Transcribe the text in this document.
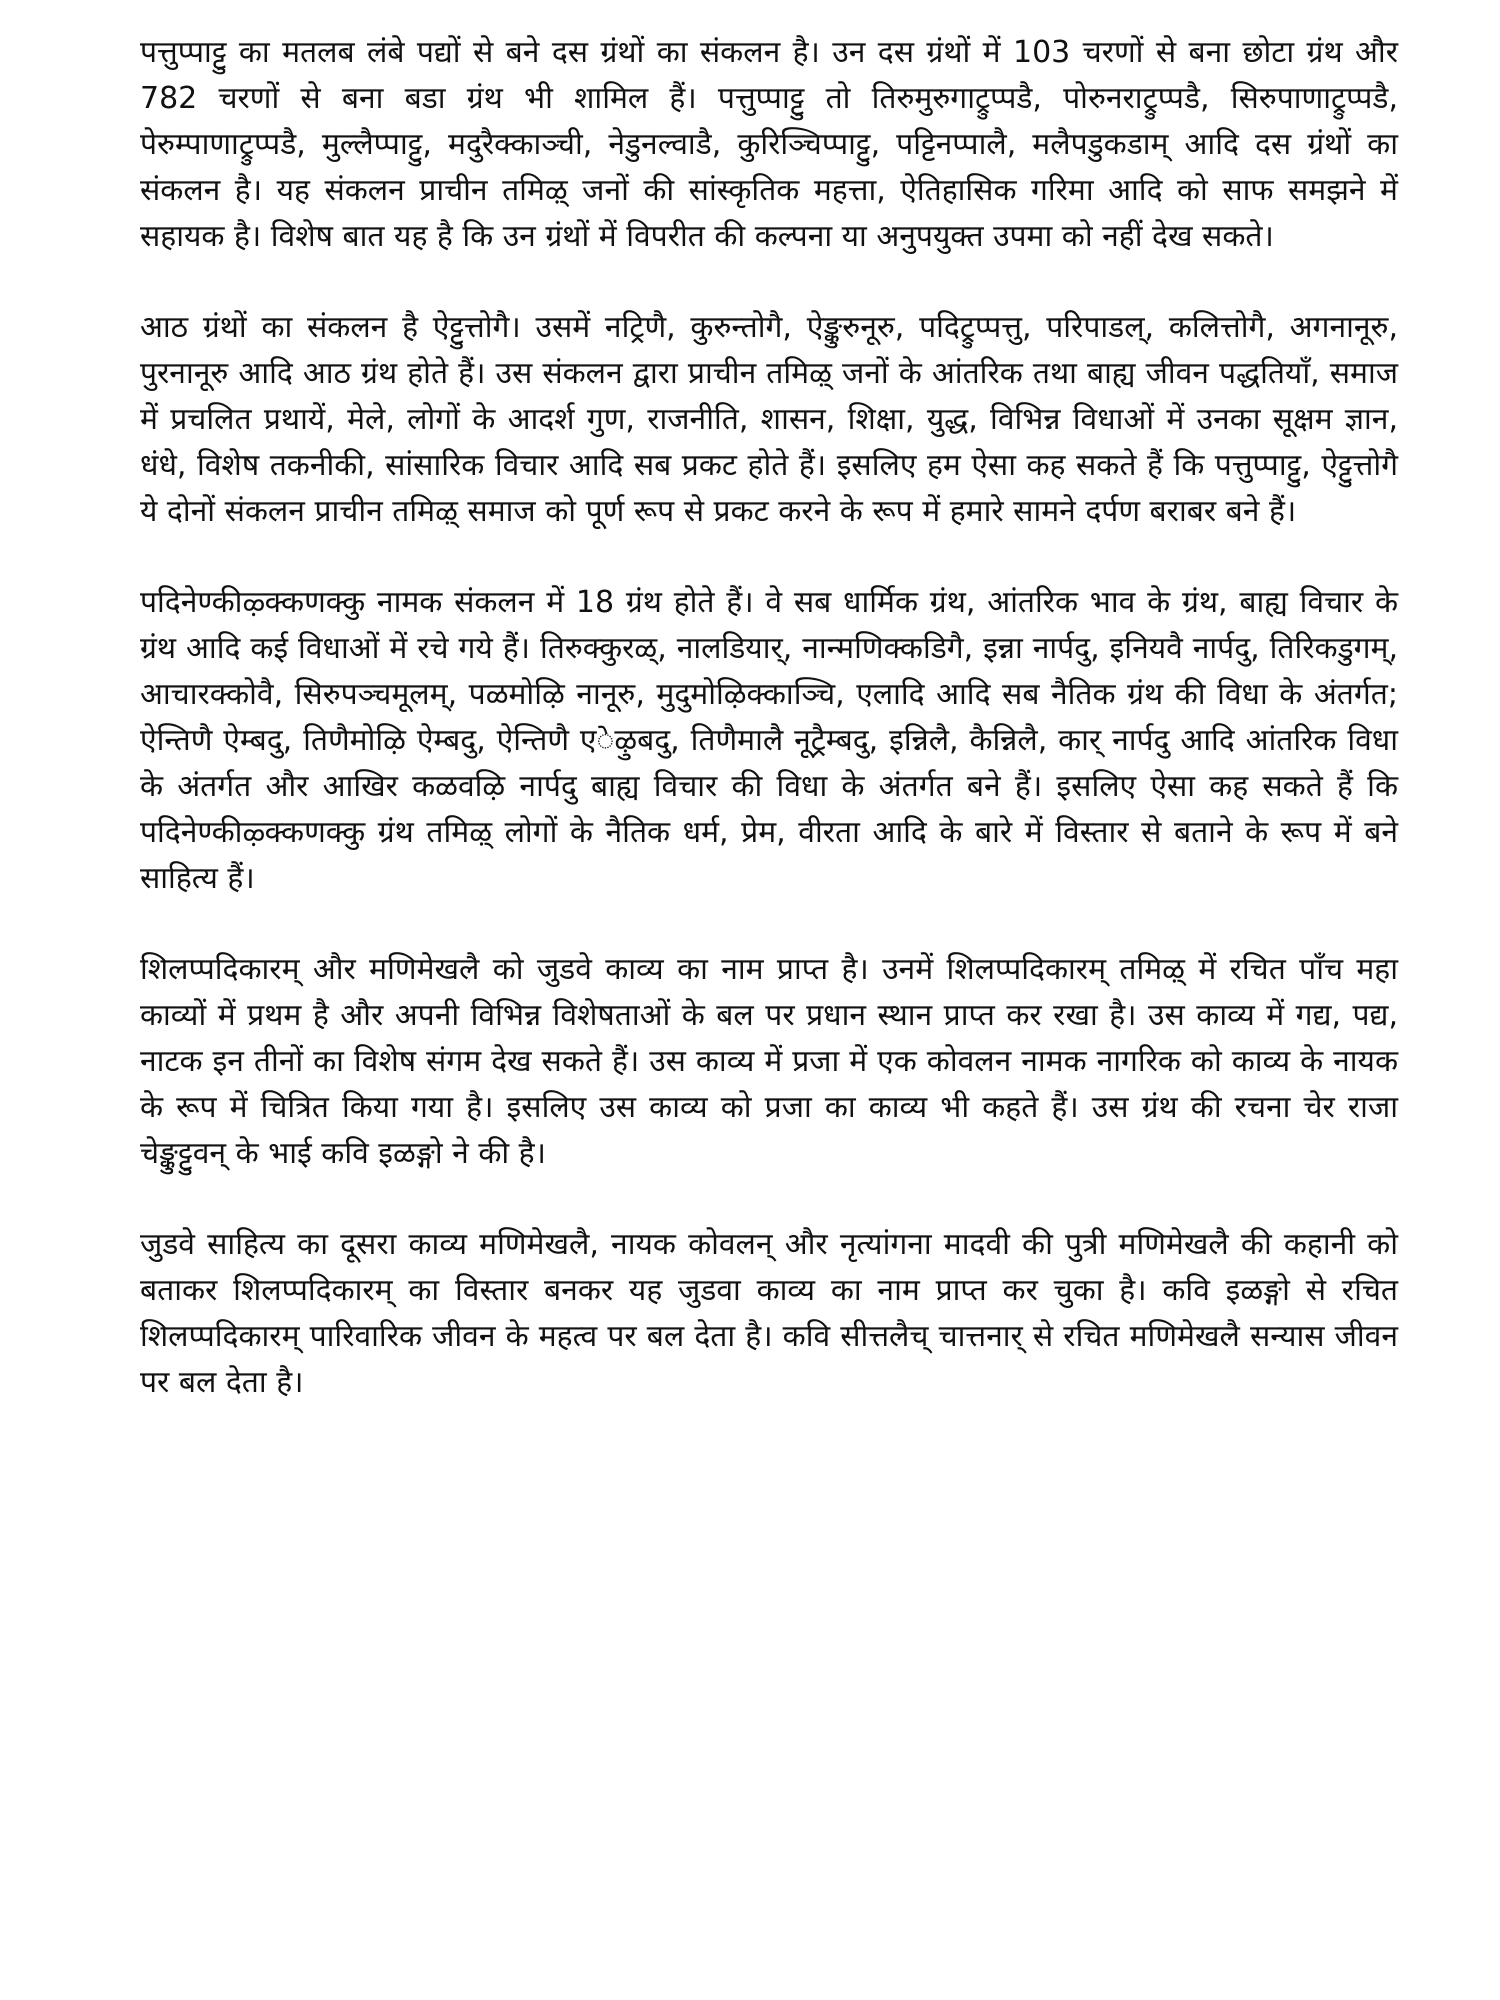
पत्तुप्पाट्टु का मतलब लंबे पद्यों से बने दस ग्रंथों का संकलन है। उन दस ग्रंथों में 103 चरणों से बना छोटा ग्रंथ और 782 चरणों से बना बडा ग्रंथ भी शामिल हैं। पत्तुप्पाट्टु तो तिरुमुरुगाट्रुप्पडै, पोरुनराट्रुप्पडै, सिरुपाणाट्रुप्पडै, पेरुम्पाणाट्रुप्पडै, मुल्लैप्पाट्टु, मदुरैक्काञ्ची, नेडुनल्वाडै, कुरिञ्चिप्पाट्टु, पट्टिनप्पालै, मलैपडुकडाम् आदि दस ग्रंथों का संकलन है। यह संकलन प्राचीन तमिऴ् जनों की सांस्कृतिक महत्ता, ऐतिहासिक गरिमा आदि को साफ समझने में सहायक है। विशेष बात यह है कि उन ग्रंथों में विपरीत की कल्पना या अनुपयुक्त उपमा को नहीं देख सकते।

आठ ग्रंथों का संकलन है ऐट्टुत्तोगै। उसमें नट्रिणै, कुरुन्तोगै, ऐङ्कुरुनूरु, पदिट्रुप्पत्तु, परिपाडल्, कलित्तोगै, अगनानूरु, पुरनानूरु आदि आठ ग्रंथ होते हैं। उस संकलन द्वारा प्राचीन तमिऴ् जनों के आंतरिक तथा बाह्य जीवन पद्धतियाँ, समाज में प्रचलित प्रथायें, मेले, लोगों के आदर्श गुण, राजनीति, शासन, शिक्षा, युद्ध, विभिन्न विधाओं में उनका सूक्षम ज्ञान, धंधे, विशेष तकनीकी, सांसारिक विचार आदि सब प्रकट होते हैं। इसलिए हम ऐसा कह सकते हैं कि पत्तुप्पाट्टु, ऐट्टुत्तोगै ये दोनों संकलन प्राचीन तमिऴ् समाज को पूर्ण रूप से प्रकट करने के रूप में हमारे सामने दर्पण बराबर बने हैं।

पदिनेण्कीऴ्क्कणक्कु नामक संकलन में 18 ग्रंथ होते हैं। वे सब धार्मिक ग्रंथ, आंतरिक भाव के ग्रंथ, बाह्य विचार के ग्रंथ आदि कई विधाओं में रचे गये हैं। तिरुक्कुरळ्, नालडियार्, नान्मणिक्कडिगै, इन्ना नार्पदु, इनियवै नार्पदु, तिरिकडुगम्, आचारक्कोवै, सिरुपञ्चमूलम्, पळमोऴि नानूरु, मुदुमोऴिक्काञ्चि, एलादि आदि सब नैतिक ग्रंथ की विधा के अंतर्गत; ऐन्तिणै ऐम्बदु, तिणैमोऴि ऐम्बदु, ऐन्तिणै एेऴुबदु, तिणैमालै नूट्रैम्बदु, इन्निलै, कैन्निलै, कार् नार्पदु आदि आंतरिक विधा के अंतर्गत और आखिर कळवऴि नार्पदु बाह्य विचार की विधा के अंतर्गत बने हैं। इसलिए ऐसा कह सकते हैं कि पदिनेण्कीऴ्क्कणक्कु ग्रंथ तमिऴ् लोगों के नैतिक धर्म, प्रेम, वीरता आदि के बारे में विस्तार से बताने के रूप में बने साहित्य हैं।

शिलप्पदिकारम् और मणिमेखलै को जुडवे काव्य का नाम प्राप्त है। उनमें शिलप्पदिकारम् तमिऴ् में रचित पाँच महा काव्यों में प्रथम है और अपनी विभिन्न विशेषताओं के बल पर प्रधान स्थान प्राप्त कर रखा है। उस काव्य में गद्य, पद्य, नाटक इन तीनों का विशेष संगम देख सकते हैं। उस काव्य में प्रजा में एक कोवलन नामक नागरिक को काव्य के नायक के रूप में चित्रित किया गया है। इसलिए उस काव्य को प्रजा का काव्य भी कहते हैं। उस ग्रंथ की रचना चेर राजा चेङ्कुट्टुवन् के भाई कवि इळङ्गो ने की है।

जुडवे साहित्य का दूसरा काव्य मणिमेखलै, नायक कोवलन् और नृत्यांगना मादवी की पुत्री मणिमेखलै की कहानी को बताकर शिलप्पदिकारम् का विस्तार बनकर यह जुडवा काव्य का नाम प्राप्त कर चुका है। कवि इळङ्गो से रचित शिलप्पदिकारम् पारिवारिक जीवन के महत्व पर बल देता है। कवि सीत्तलैच् चात्तनार् से रचित मणिमेखलै सन्यास जीवन पर बल देता है।
